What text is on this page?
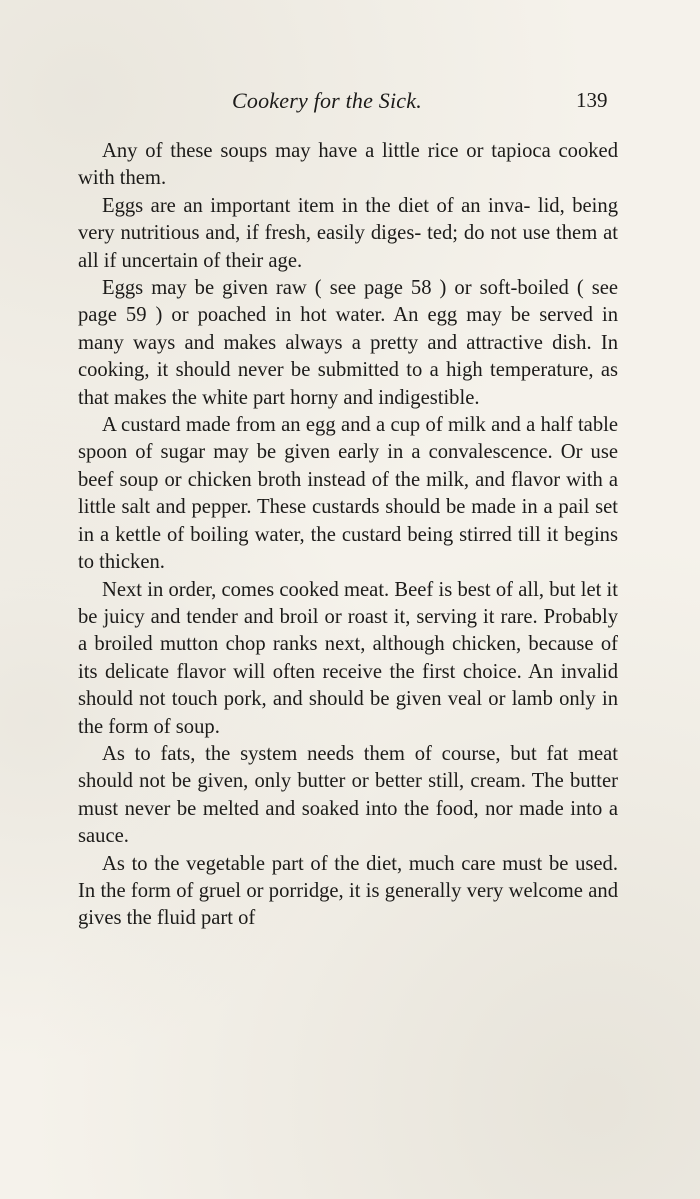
Cookery for the Sick.	139

Any of these soups may have a little rice or tapioca cooked with them.

Eggs are an important item in the diet of an inva- lid, being very nutritious and, if fresh, easily diges- ted; do not use them at all if uncertain of their age.

Eggs may be given raw ( see page 58 ) or soft-boiled ( see page 59 ) or poached in hot water. An egg may be served in many ways and makes always a pretty and attractive dish. In cooking, it should never be submitted to a high temperature, as that makes the white part horny and indigestible.

A custard made from an egg and a cup of milk and a half table spoon of sugar may be given early in a convalescence. Or use beef soup or chicken broth instead of the milk, and flavor with a little salt and pepper. These custards should be made in a pail set in a kettle of boiling water, the custard being stirred till it begins to thicken.

Next in order, comes cooked meat. Beef is best of all, but let it be juicy and tender and broil or roast it, serving it rare. Probably a broiled mutton chop ranks next, although chicken, because of its delicate flavor will often receive the first choice. An invalid should not touch pork, and should be given veal or lamb only in the form of soup.

As to fats, the system needs them of course, but fat meat should not be given, only butter or better still, cream. The butter must never be melted and soaked into the food, nor made into a sauce.

As to the vegetable part of the diet, much care must be used. In the form of gruel or porridge, it is generally very welcome and gives the fluid part of
